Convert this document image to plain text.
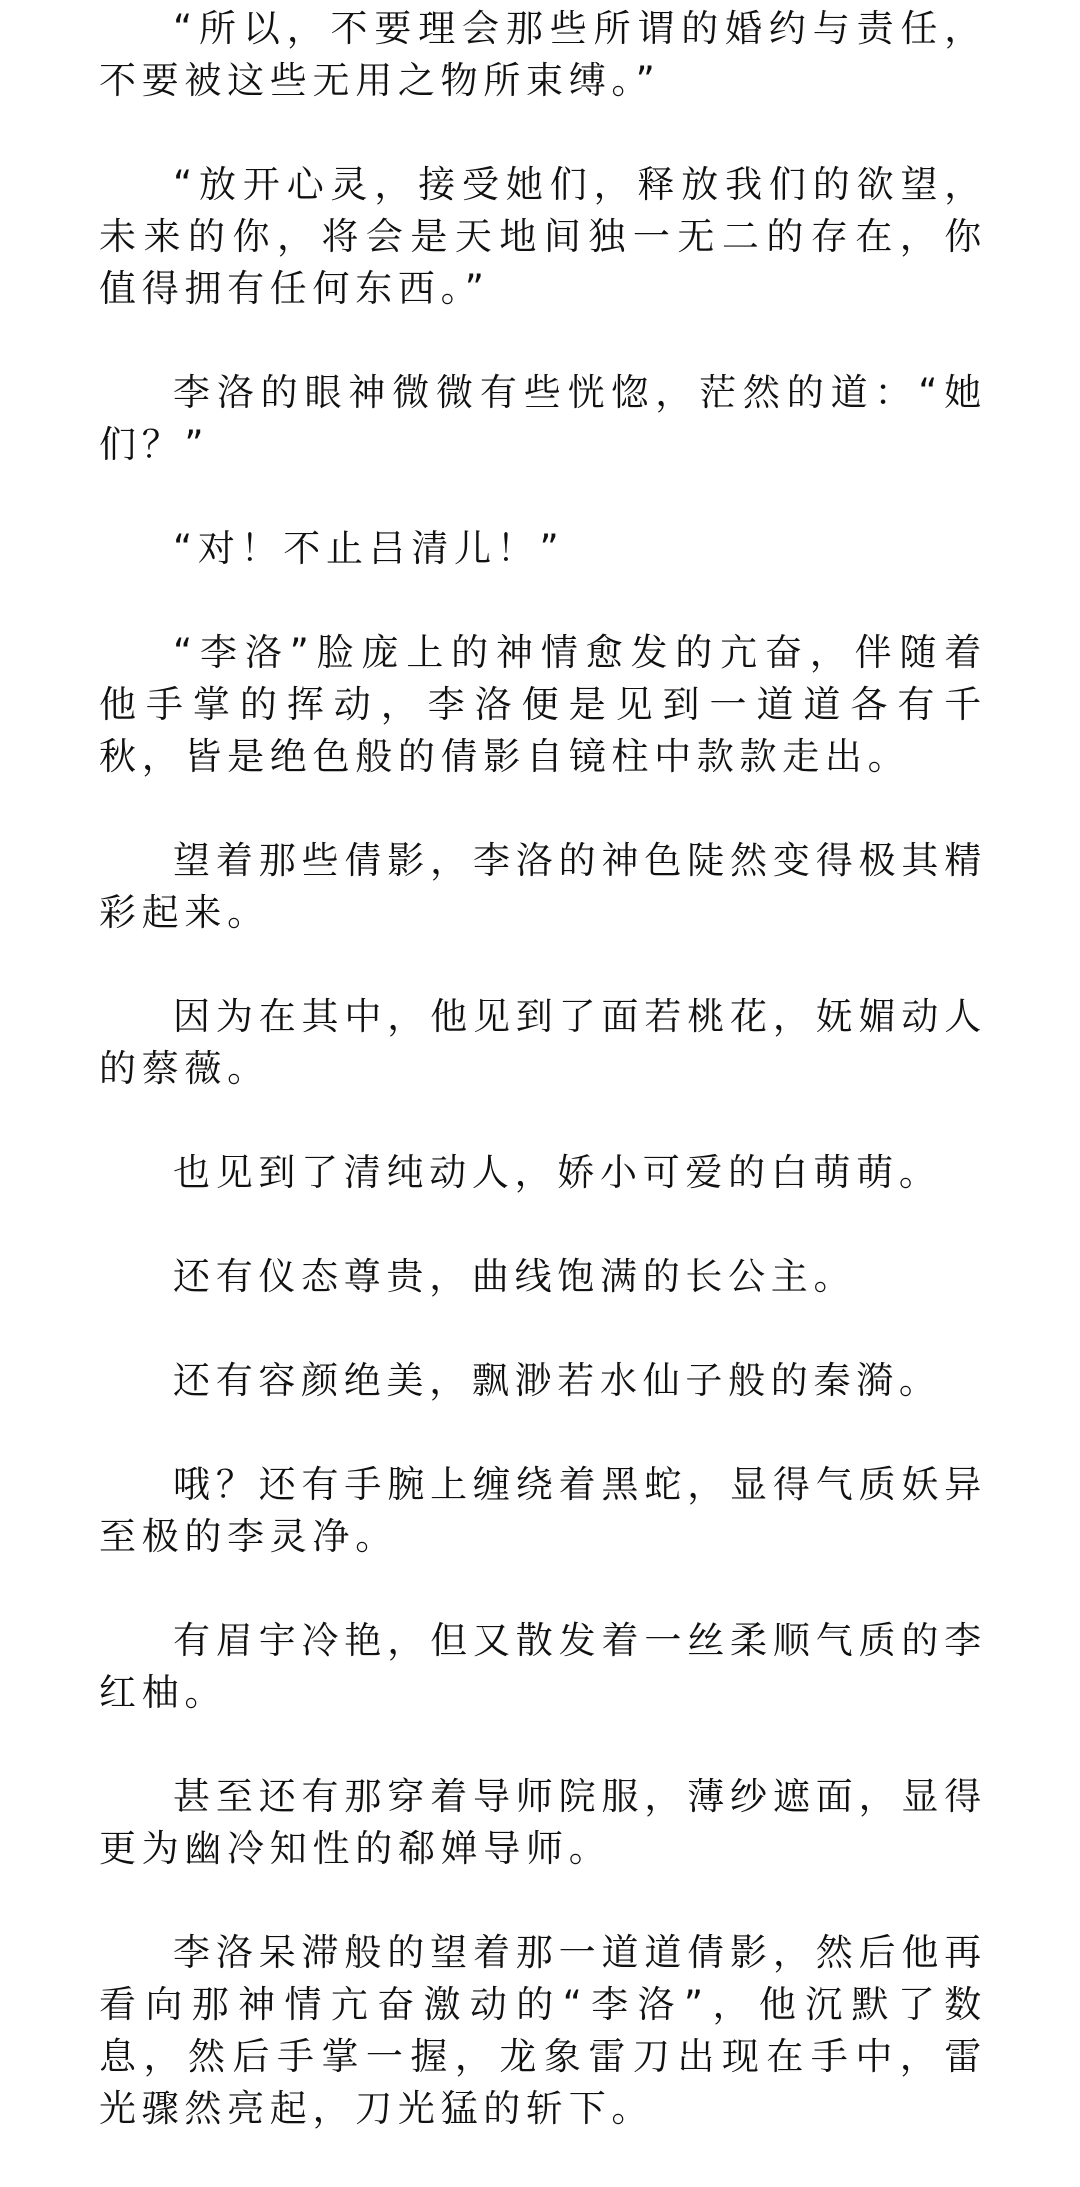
“所以，不要理会那些所谓的婚约与责任，不要被这些无用之物所束缚。”

“放开心灵，接受她们，释放我们的欲望，未来的你，将会是天地间独一无二的存在，你值得拥有任何东西。”

李洛的眼神微微有些恍惚，茫然的道：“她们？”

“对！不止吕清儿！”

“李洛”脸庞上的神情愈发的亢奋，伴随着他手掌的挥动，李洛便是见到一道道各有千秋，皆是绝色般的倩影自镜柱中款款走出。

望着那些倩影，李洛的神色陡然变得极其精彩起来。

因为在其中，他见到了面若桃花，妩媚动人的蔡薇。

也见到了清纯动人，娇小可爱的白萌萌。

还有仪态尊贵，曲线饱满的长公主。

还有容颜绝美，飘渺若水仙子般的秦漪。

哦？还有手腕上缠绕着黑蛇，显得气质妖异至极的李灵净。

有眉宇冷艳，但又散发着一丝柔顺气质的李红柚。

甚至还有那穿着导师院服，薄纱遮面，显得更为幽冷知性的郗婵导师。

李洛呆滞般的望着那一道道倩影，然后他再看向那神情亢奋激动的“李洛”，他沉默了数息，然后手掌一握，龙象雷刀出现在手中，雷光骤然亮起，刀光猛的斩下。
